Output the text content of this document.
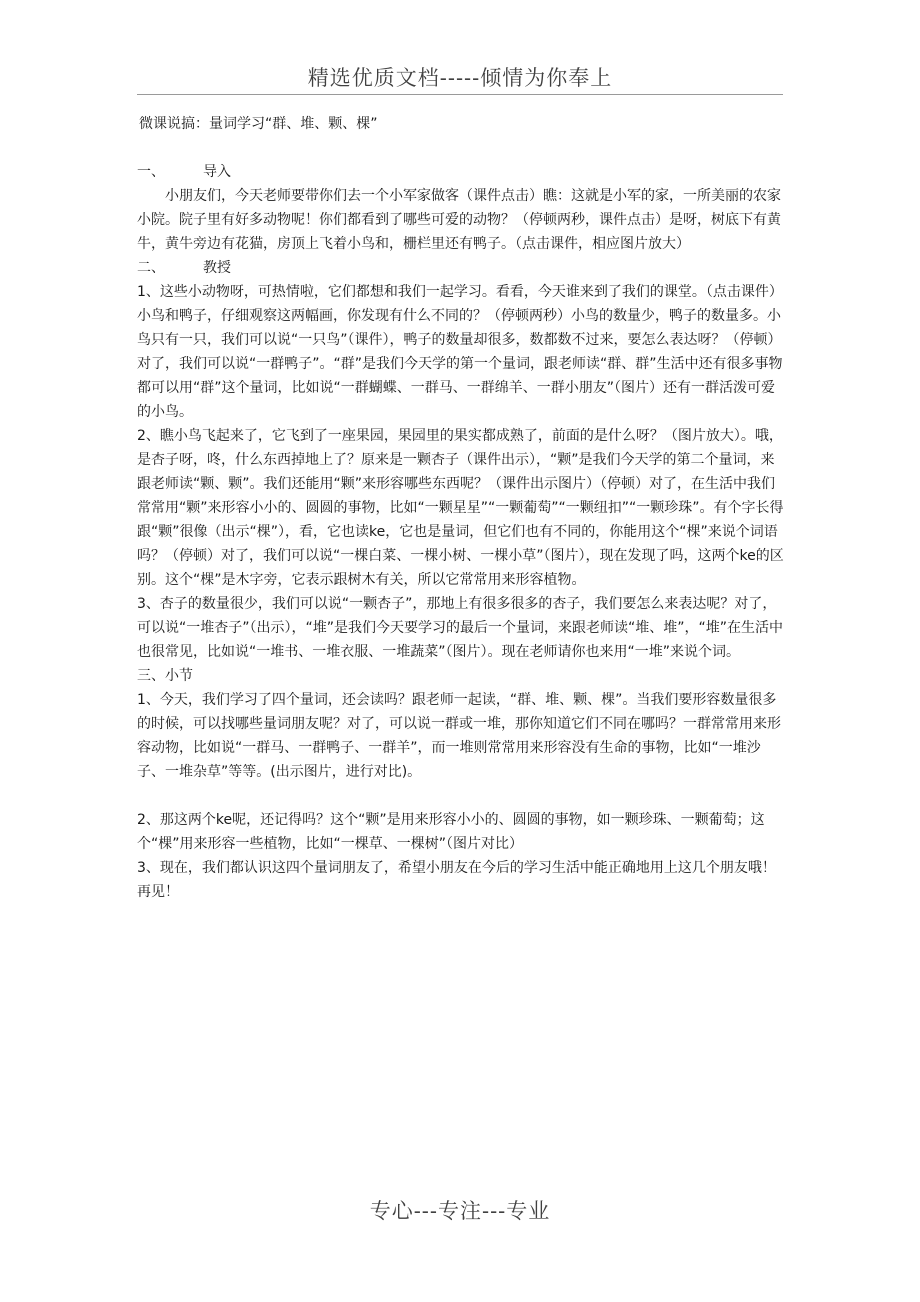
精选优质文档-----倾情为你奉上

微课说搞：量词学习“群、堆、颗、棵”

一、	导入

小朋友们，今天老师要带你们去一个小军家做客（课件点击）瞧：这就是小军的家，一所美丽的农家小院。院子里有好多动物呢！你们都看到了哪些可爱的动物？（停顿两秒，课件点击）是呀，树底下有黄牛，黄牛旁边有花猫，房顶上飞着小鸟和，栅栏里还有鸭子。（点击课件，相应图片放大）

二、	教授

1、这些小动物呀，可热情啦，它们都想和我们一起学习。看看，今天谁来到了我们的课堂。（点击课件）小鸟和鸭子，仔细观察这两幅画，你发现有什么不同的？（停顿两秒）小鸟的数量少，鸭子的数量多。小鸟只有一只，我们可以说“一只鸟”（课件），鸭子的数量却很多，数都数不过来，要怎么表达呀？（停顿）对了，我们可以说“一群鸭子”。“群”是我们今天学的第一个量词，跟老师读“群、群”生活中还有很多事物都可以用“群”这个量词，比如说“一群蝴蝶、一群马、一群绵羊、一群小朋友”（图片）还有一群活泼可爱的小鸟。

2、瞧小鸟飞起来了，它飞到了一座果园，果园里的果实都成熟了，前面的是什么呀？（图片放大）。哦，是杏子呀，咚，什么东西掉地上了？原来是一颗杏子（课件出示），“颗”是我们今天学的第二个量词，来跟老师读“颗、颗”。我们还能用“颗”来形容哪些东西呢？（课件出示图片）（停顿）对了，在生活中我们常常用“颗”来形容小小的、圆圆的事物，比如“一颗星星”“一颗葡萄”“一颗纽扣”“一颗珍珠”。有个字长得跟“颗”很像（出示“棵”），看，它也读ke，它也是量词，但它们也有不同的，你能用这个“棵”来说个词语吗？（停顿）对了，我们可以说“一棵白菜、一棵小树、一棵小草”（图片），现在发现了吗，这两个ke的区别。这个“棵”是木字旁，它表示跟树木有关，所以它常常用来形容植物。

3、杏子的数量很少，我们可以说“一颗杏子”，那地上有很多很多的杏子，我们要怎么来表达呢？对了，可以说“一堆杏子”（出示），“堆”是我们今天要学习的最后一个量词，来跟老师读“堆、堆”，“堆”在生活中也很常见，比如说“一堆书、一堆衣服、一堆蔬菜”（图片）。现在老师请你也来用“一堆”来说个词。

三、小节

1、今天，我们学习了四个量词，还会读吗？跟老师一起读，“群、堆、颗、棵”。当我们要形容数量很多的时候，可以找哪些量词朋友呢？对了，可以说一群或一堆，那你知道它们不同在哪吗？一群常常用来形容动物，比如说“一群马、一群鸭子、一群羊”，而一堆则常常用来形容没有生命的事物，比如“一堆沙子、一堆杂草”等等。(出示图片，进行对比)。

2、那这两个ke呢，还记得吗？这个“颗”是用来形容小小的、圆圆的事物，如一颗珍珠、一颗葡萄；这个“棵”用来形容一些植物，比如“一棵草、一棵树”（图片对比）

3、现在，我们都认识这四个量词朋友了，希望小朋友在今后的学习生活中能正确地用上这几个朋友哦！再见！

专心---专注---专业
